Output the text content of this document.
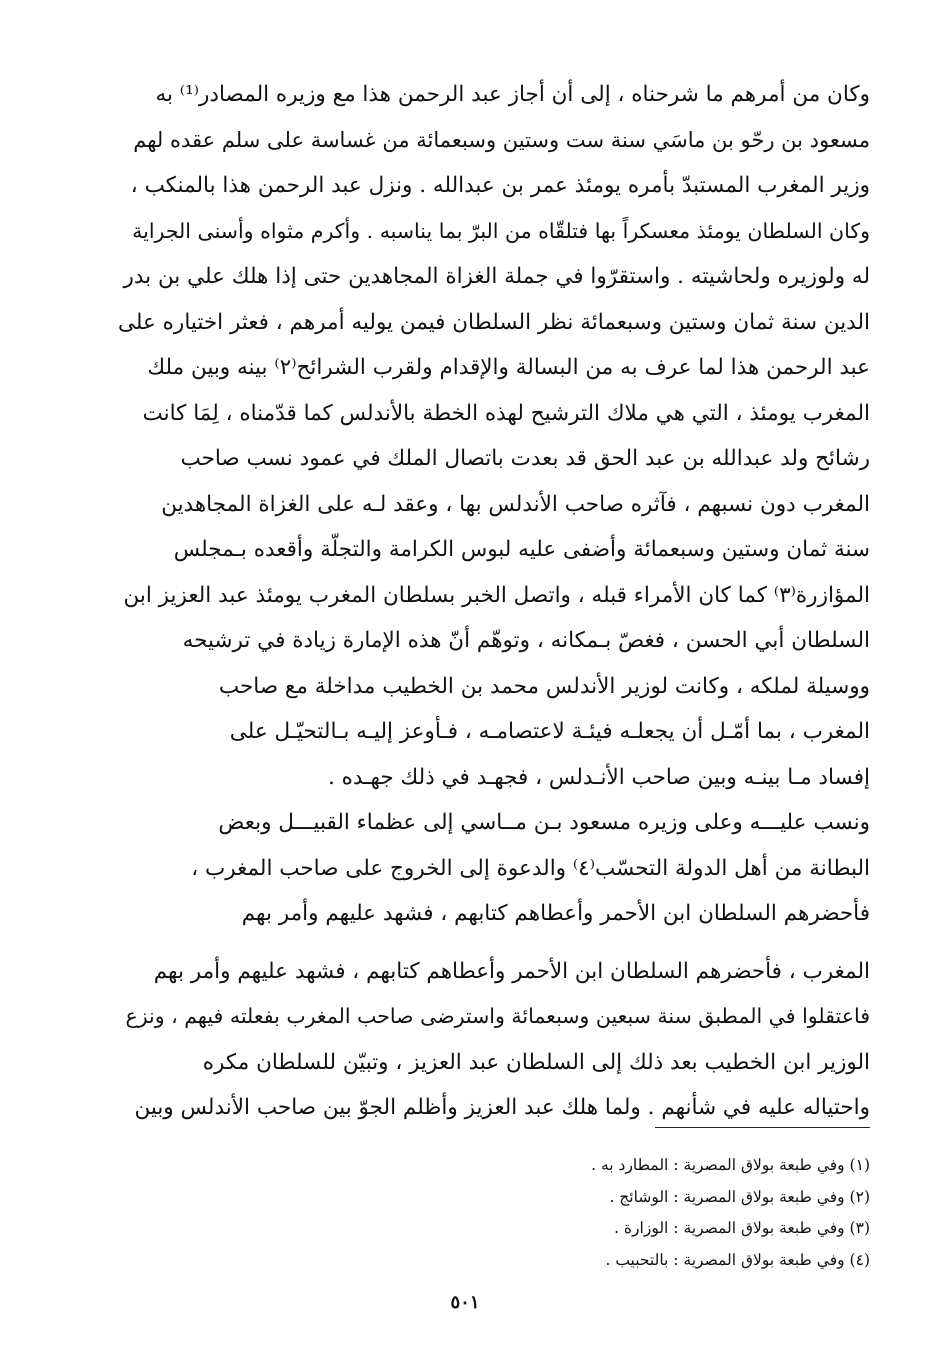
وكان من أمرهم ما شرحناه ، إلى أن أجاز عبد الرحمن هذا مع وزيره المصادر⁽¹⁾ به
مسعود بن رحّو بن ماسَي سنة ست وستين وسبعمائة من غساسة على سلم عقده لهم
وزير المغرب المستبدّ بأمره يومئذ عمر بن عبدالله . ونزل عبد الرحمن هذا بالمنكب ،
وكان السلطان يومئذ معسكراً بها فتلقّاه من البرّ بما يناسبه . وأكرم مثواه وأسنى الجراية
له ولوزيره ولحاشيته . واستقرّوا في جملة الغزاة المجاهدين حتى إذا هلك علي بن بدر
الدين سنة ثمان وستين وسبعمائة نظر السلطان فيمن يوليه أمرهم ، فعثر اختياره على
عبد الرحمن هذا لما عرف به من البسالة والإقدام ولقرب الشرائح⁽٢⁾ بينه وبين ملك
المغرب يومئذ ، التي هي ملاك الترشيح لهذه الخطة بالأندلس كما قدّمناه ، لِمَا كانت
رشائح ولد عبدالله بن عبد الحق قد بعدت باتصال الملك في عمود نسب صاحب
المغرب دون نسبهم ، فآثره صاحب الأندلس بها ، وعقد لـه على الغزاة المجاهدين
سنة ثمان وستين وسبعمائة وأضفى عليه لبوس الكرامة والتجلّة وأقعده بـمجلس
المؤازرة⁽٣⁾ كما كان الأمراء قبله ، واتصل الخبر بسلطان المغرب يومئذ عبد العزيز ابن
السلطان أبي الحسن ، فغصّ بـمكانه ، وتوهّم أنّ هذه الإمارة زيادة في ترشيحه
ووسيلة لملكه ، وكانت لوزير الأندلس محمد بن الخطيب مداخلة مع صاحب
المغرب ، بما أمّـل أن يجعلـه فيئـة لاعتصامـه ، فـأوعز إليـه بـالتحيّـل على
إفساد مـا بينـه وبين صاحب الأنـدلس ، فجهـد في ذلك جهـده .
ونسب عليـــه وعلى وزيره مسعود بـن مــاسي إلى عظماء القبيـــل وبعض
البطانة من أهل الدولة التحسّب⁽٤⁾ والدعوة إلى الخروج على صاحب المغرب ،
فأحضرهم السلطان ابن الأحمر وأعطاهم كتابهم ، فشهد عليهم وأمر بهم
المغرب ، فأحضرهم السلطان ابن الأحمر وأعطاهم كتابهم ، فشهد عليهم وأمر بهم
فاعتقلوا في المطبق سنة سبعين وسبعمائة واسترضى صاحب المغرب بفعلته فيهم ، ونزع
الوزير ابن الخطيب بعد ذلك إلى السلطان عبد العزيز ، وتبيّن للسلطان مكره
واحتياله عليه في شأنهم . ولما هلك عبد العزيز وأظلم الجوّ بين صاحب الأندلس وبين
(١) وفي طبعة بولاق المصرية : المطارد به .
(٢) وفي طبعة بولاق المصرية : الوشائج .
(٣) وفي طبعة بولاق المصرية : الوزارة .
(٤) وفي طبعة بولاق المصرية : بالتحبيب .
٥٠١
